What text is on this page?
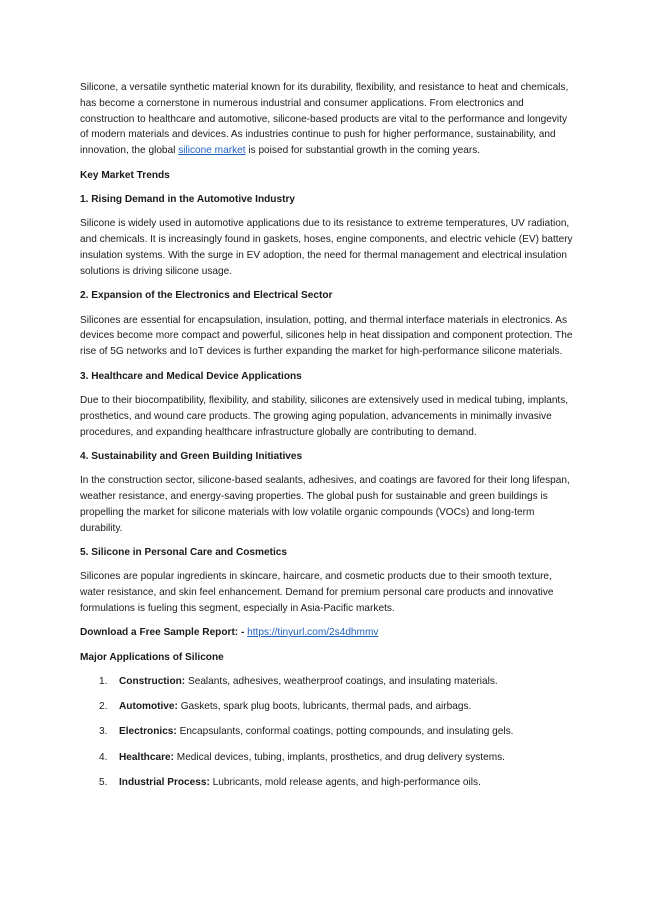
Silicone, a versatile synthetic material known for its durability, flexibility, and resistance to heat and chemicals, has become a cornerstone in numerous industrial and consumer applications. From electronics and construction to healthcare and automotive, silicone-based products are vital to the performance and longevity of modern materials and devices. As industries continue to push for higher performance, sustainability, and innovation, the global silicone market is poised for substantial growth in the coming years.

Key Market Trends
1. Rising Demand in the Automotive Industry

Silicone is widely used in automotive applications due to its resistance to extreme temperatures, UV radiation, and chemicals. It is increasingly found in gaskets, hoses, engine components, and electric vehicle (EV) battery insulation systems. With the surge in EV adoption, the need for thermal management and electrical insulation solutions is driving silicone usage.

2. Expansion of the Electronics and Electrical Sector

Silicones are essential for encapsulation, insulation, potting, and thermal interface materials in electronics. As devices become more compact and powerful, silicones help in heat dissipation and component protection. The rise of 5G networks and IoT devices is further expanding the market for high-performance silicone materials.

3. Healthcare and Medical Device Applications

Due to their biocompatibility, flexibility, and stability, silicones are extensively used in medical tubing, implants, prosthetics, and wound care products. The growing aging population, advancements in minimally invasive procedures, and expanding healthcare infrastructure globally are contributing to demand.

4. Sustainability and Green Building Initiatives

In the construction sector, silicone-based sealants, adhesives, and coatings are favored for their long lifespan, weather resistance, and energy-saving properties. The global push for sustainable and green buildings is propelling the market for silicone materials with low volatile organic compounds (VOCs) and long-term durability.

5. Silicone in Personal Care and Cosmetics

Silicones are popular ingredients in skincare, haircare, and cosmetic products due to their smooth texture, water resistance, and skin feel enhancement. Demand for premium personal care products and innovative formulations is fueling this segment, especially in Asia-Pacific markets.

Download a Free Sample Report: - https://tinyurl.com/2s4dhmmv
Major Applications of Silicone
1.	Construction: Sealants, adhesives, weatherproof coatings, and insulating materials.
2.	Automotive: Gaskets, spark plug boots, lubricants, thermal pads, and airbags.
3.	Electronics: Encapsulants, conformal coatings, potting compounds, and insulating gels.
4.	Healthcare: Medical devices, tubing, implants, prosthetics, and drug delivery systems.
5.	Industrial Process: Lubricants, mold release agents, and high-performance oils.
